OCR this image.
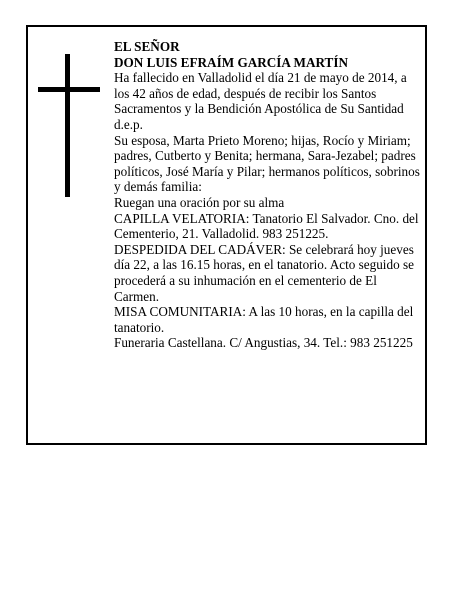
EL SEÑOR

DON LUIS EFRAÍM GARCÍA MARTÍN

Ha fallecido en Valladolid el día 21 de mayo de 2014, a los 42 años de edad, después de recibir los Santos Sacramentos y la Bendición Apostólica de Su Santidad d.e.p.

Su esposa, Marta Prieto Moreno; hijas, Rocío y Miriam; padres, Cutberto y Benita; hermana, Sara-Jezabel; padres políticos, José María y Pilar; hermanos políticos, sobrinos y demás familia:

Ruegan una oración por su alma

CAPILLA VELATORIA: Tanatorio El Salvador. Cno. del Cementerio, 21. Valladolid. 983 251225.

DESPEDIDA DEL CADÁVER: Se celebrará hoy jueves día 22, a las 16.15 horas, en el tanatorio. Acto seguido se procederá a su inhumación en el cementerio de El Carmen.

MISA COMUNITARIA: A las 10 horas, en la capilla del tanatorio.

Funeraria Castellana. C/ Angustias, 34. Tel.: 983 251225
